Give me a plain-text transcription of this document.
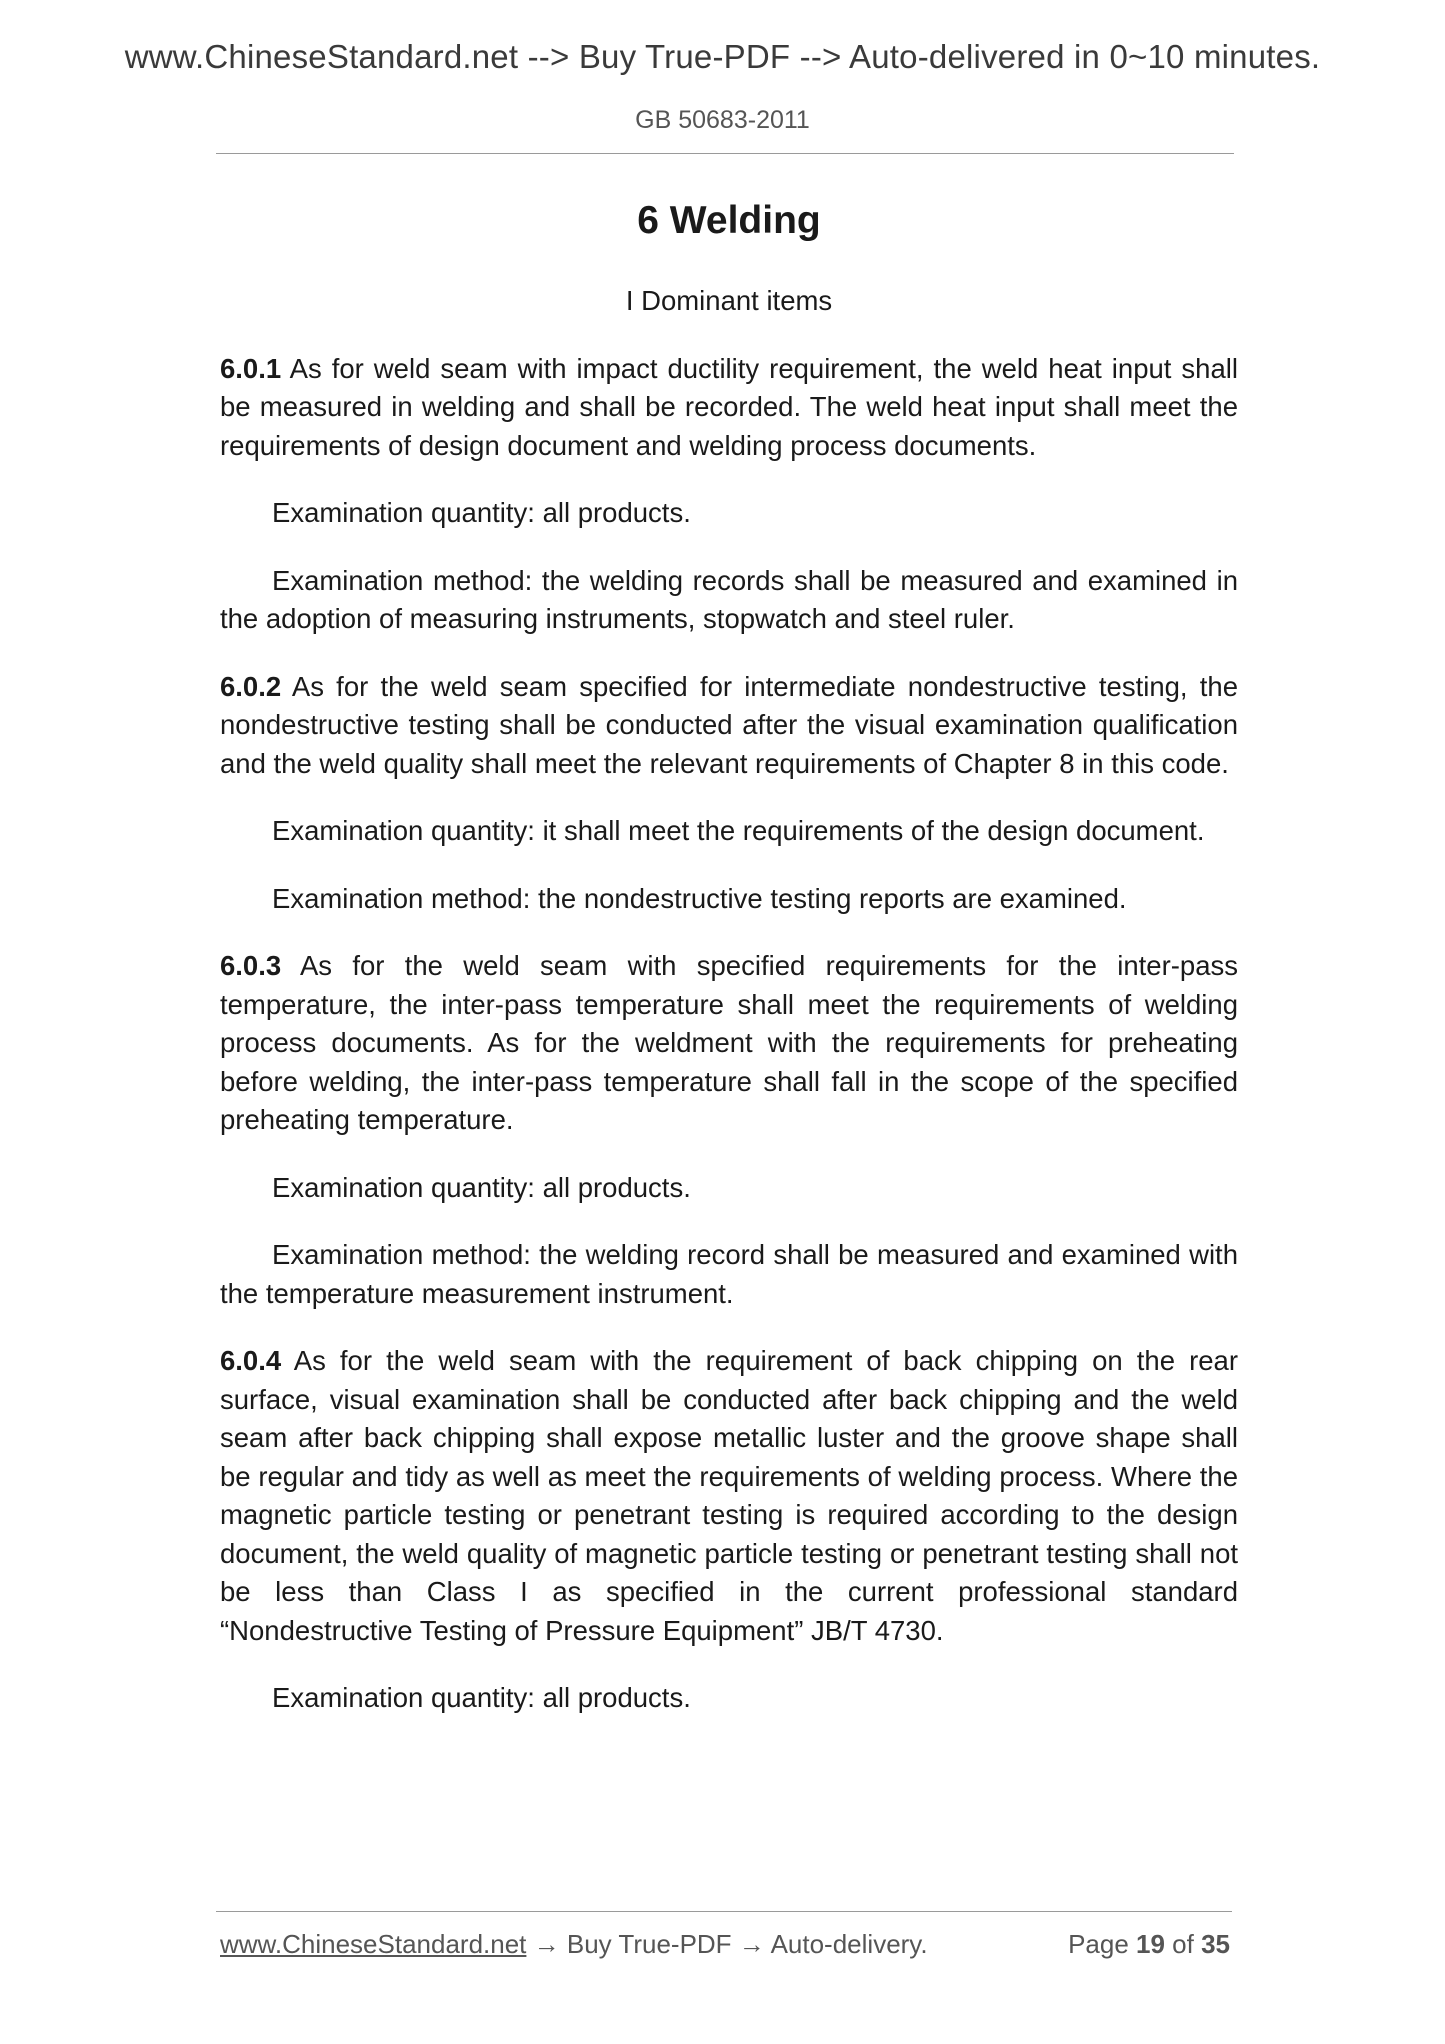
www.ChineseStandard.net --> Buy True-PDF --> Auto-delivered in 0~10 minutes.
GB 50683-2011
6 Welding
I Dominant items

6.0.1 As for weld seam with impact ductility requirement, the weld heat input shall be measured in welding and shall be recorded. The weld heat input shall meet the requirements of design document and welding process documents.

Examination quantity: all products.

Examination method: the welding records shall be measured and examined in the adoption of measuring instruments, stopwatch and steel ruler.

6.0.2 As for the weld seam specified for intermediate nondestructive testing, the nondestructive testing shall be conducted after the visual examination qualification and the weld quality shall meet the relevant requirements of Chapter 8 in this code.

Examination quantity: it shall meet the requirements of the design document.

Examination method: the nondestructive testing reports are examined.

6.0.3 As for the weld seam with specified requirements for the inter-pass temperature, the inter-pass temperature shall meet the requirements of welding process documents. As for the weldment with the requirements for preheating before welding, the inter-pass temperature shall fall in the scope of the specified preheating temperature.

Examination quantity: all products.

Examination method: the welding record shall be measured and examined with the temperature measurement instrument.

6.0.4 As for the weld seam with the requirement of back chipping on the rear surface, visual examination shall be conducted after back chipping and the weld seam after back chipping shall expose metallic luster and the groove shape shall be regular and tidy as well as meet the requirements of welding process. Where the magnetic particle testing or penetrant testing is required according to the design document, the weld quality of magnetic particle testing or penetrant testing shall not be less than Class I as specified in the current professional standard “Nondestructive Testing of Pressure Equipment” JB/T 4730.

Examination quantity: all products.

www.ChineseStandard.net → Buy True-PDF → Auto-delivery.	Page 19 of 35
